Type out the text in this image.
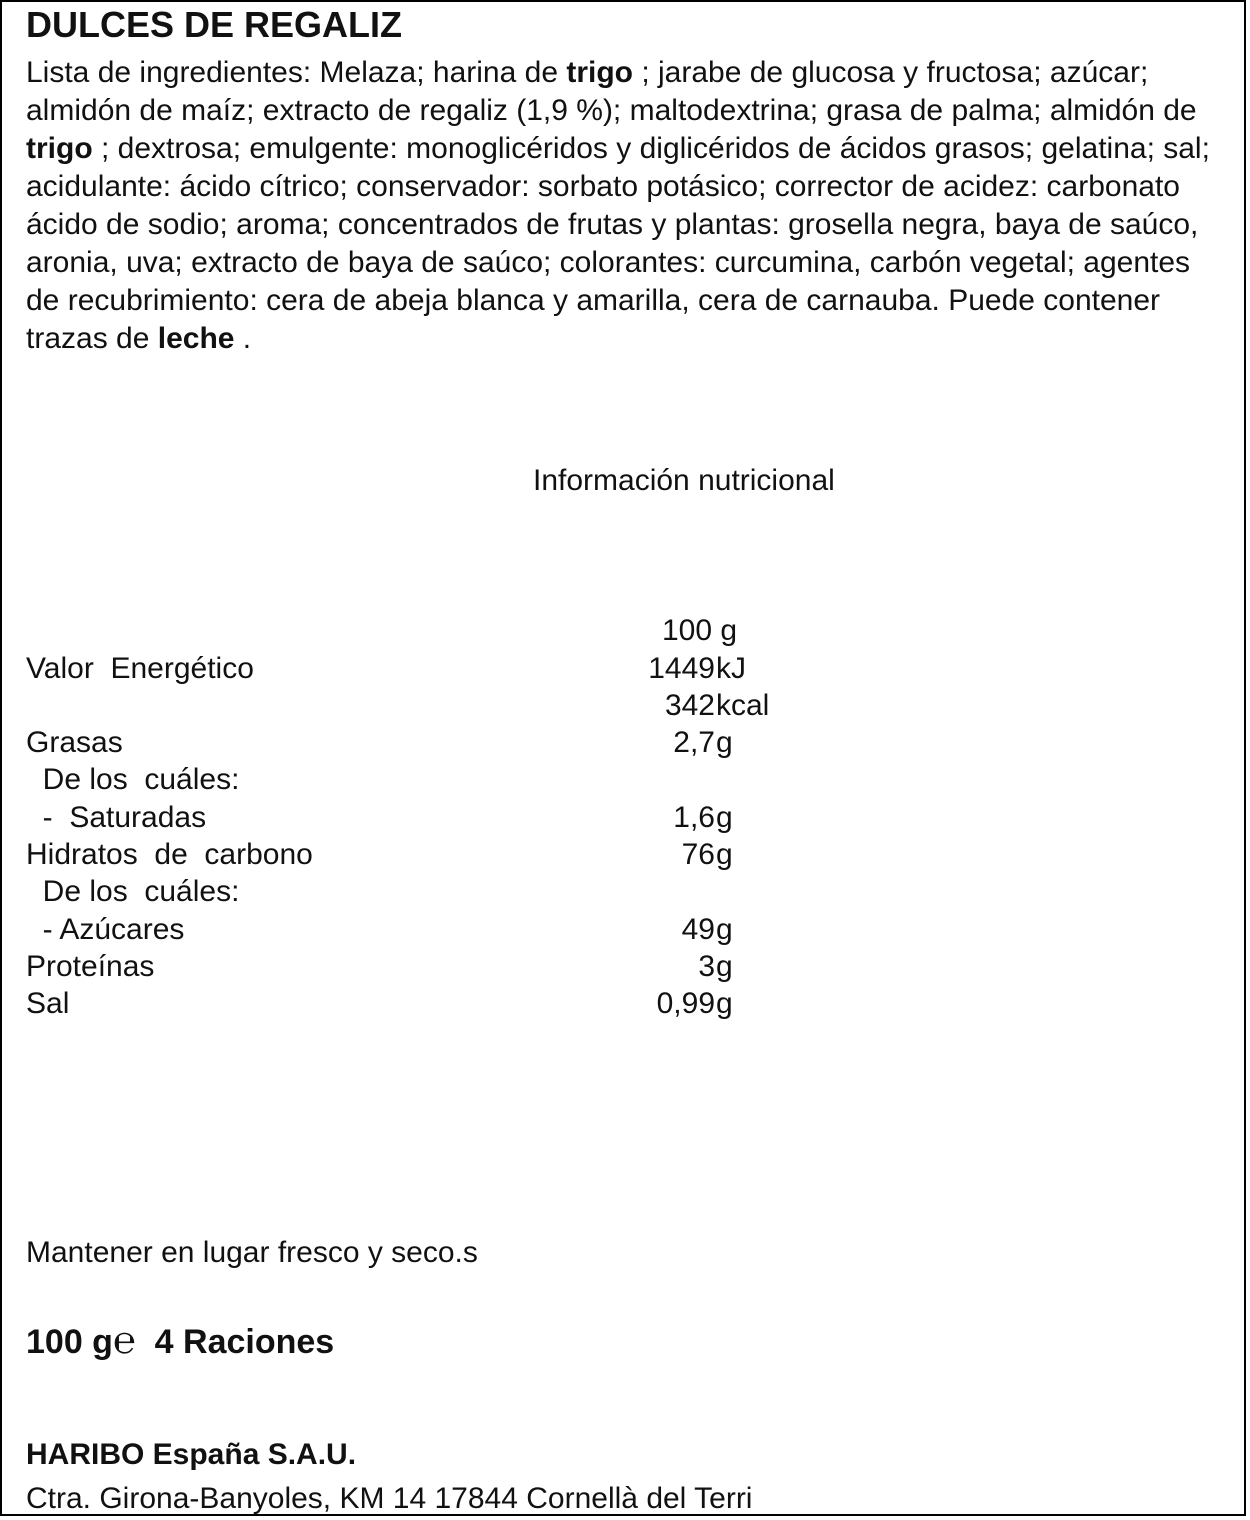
DULCES DE REGALIZ

Lista de ingredientes: Melaza; harina de trigo ; jarabe de glucosa y fructosa; azúcar; almidón de maíz; extracto de regaliz (1,9 %); maltodextrina; grasa de palma; almidón de trigo ; dextrosa; emulgente: monoglicéridos y diglicéridos de ácidos grasos; gelatina; sal; acidulante: ácido cítrico; conservador: sorbato potásico; corrector de acidez: carbonato ácido de sodio; aroma; concentrados de frutas y plantas: grosella negra, baya de saúco, aronia, uva; extracto de baya de saúco; colorantes: curcumina, carbón vegetal; agentes de recubrimiento: cera de abeja blanca y amarilla, cera de carnauba. Puede contener trazas de leche .

Información nutricional
100 g
Valor  Energético	1449 kJ
342 kcal
Grasas	2,7 g
De los  cuáles:
-  Saturadas	1,6 g
Hidratos  de  carbono	76 g
De los  cuáles:
- Azúcares	49 g
Proteínas	3 g
Sal	0,99 g
Mantener en lugar fresco y seco.s
100 g℮ 4 Raciones
HARIBO España S.A.U.
Ctra. Girona-Banyoles, KM 14 17844 Cornellà del Terri
